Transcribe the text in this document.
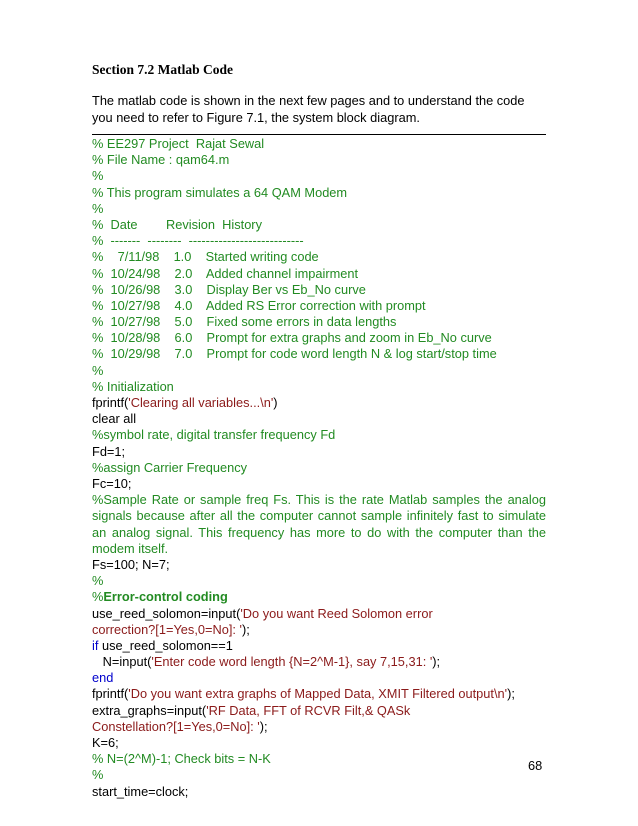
Section 7.2 Matlab Code
The matlab code is shown in the next few pages and to understand the code you need to refer to Figure 7.1, the system block diagram.
% EE297 Project  Rajat Sewal
% File Name : qam64.m
%
% This program simulates a 64 QAM Modem
%
%  Date        Revision  History
%  -------  --------  ---------------------------
%    7/11/98    1.0    Started writing code
%  10/24/98    2.0    Added channel impairment
%  10/26/98    3.0    Display Ber vs Eb_No curve
%  10/27/98    4.0    Added RS Error correction with prompt
%  10/27/98    5.0    Fixed some errors in data lengths
%  10/28/98    6.0    Prompt for extra graphs and zoom in Eb_No curve
%  10/29/98    7.0    Prompt for code word length N & log start/stop time
%
% Initialization
fprintf('Clearing all variables...\n')
clear all
%symbol rate, digital transfer frequency Fd
Fd=1;
%assign Carrier Frequency
Fc=10;
%Sample Rate or sample freq Fs. This is the rate Matlab samples the analog signals because after all the computer cannot sample infinitely fast to simulate an analog signal. This frequency has more to do with the computer than the modem itself.
Fs=100; N=7;
%
%Error-control coding
use_reed_solomon=input('Do you want Reed Solomon error
correction?[1=Yes,0=No]: ');
if use_reed_solomon==1
N=input('Enter code word length {N=2^M-1}, say 7,15,31: ');
end
fprintf('Do you want extra graphs of Mapped Data, XMIT Filtered output\n');
extra_graphs=input('RF Data, FFT of RCVR Filt,& QASk
Constellation?[1=Yes,0=No]: ');
K=6;
% N=(2^M)-1; Check bits = N-K
%
start_time=clock;
68
